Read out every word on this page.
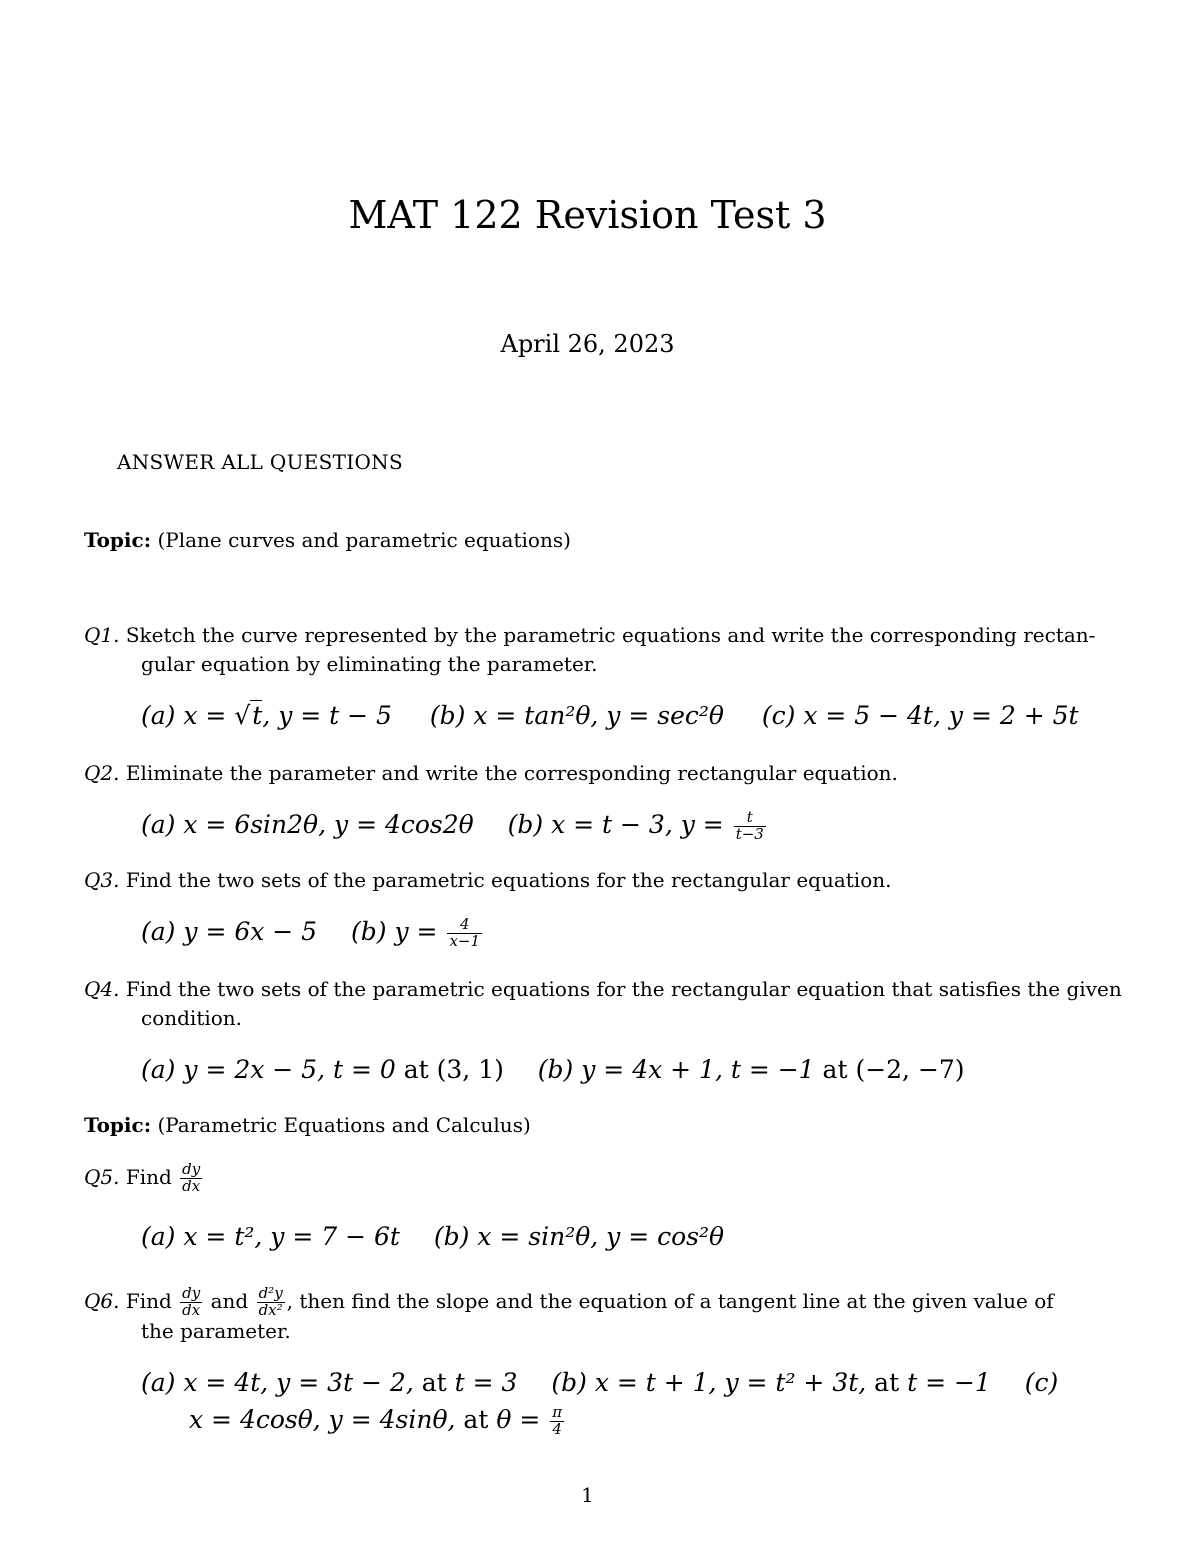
MAT 122 Revision Test 3
April 26, 2023
ANSWER ALL QUESTIONS
Topic: (Plane curves and parametric equations)
Q1. Sketch the curve represented by the parametric equations and write the corresponding rectan-
gular equation by eliminating the parameter.
(a) x = √t, y = t − 5 (b) x = tan²θ, y = sec²θ (c) x = 5 − 4t, y = 2 + 5t
Q2. Eliminate the parameter and write the corresponding rectangular equation.
(a) x = 6sin2θ, y = 4cos2θ (b) x = t − 3, $y = \frac{t}{t-3}$
Q3. Find the two sets of the parametric equations for the rectangular equation.
(a) y = 6x − 5 (b) $y = \frac{4}{x-1}$
Q4. Find the two sets of the parametric equations for the rectangular equation that satisfies the given
condition.
(a) y = 2x − 5, t = 0 at (3, 1) (b) y = 4x + 1, t = −1 at (−2, −7)
Topic: (Parametric Equations and Calculus)
Q5. Find $\frac{dy}{dx}$
(a) x = t², y = 7 − 6t (b) x = sin²θ, y = cos²θ
Q6. Find $\frac{dy}{dx}$ and $\frac{\text{d²y}}{\text{dx²}}$ , then find the slope and the equation of a tangent line at the given value of
the parameter.
(a) x = 4t, y = 3t − 2, at t = 3 (b) x = t + 1, y = t² + 3t, at t = −1 (c)
x = 4cosθ, y = 4sinθ, at $\theta = \frac{\pi}{4}$
1
